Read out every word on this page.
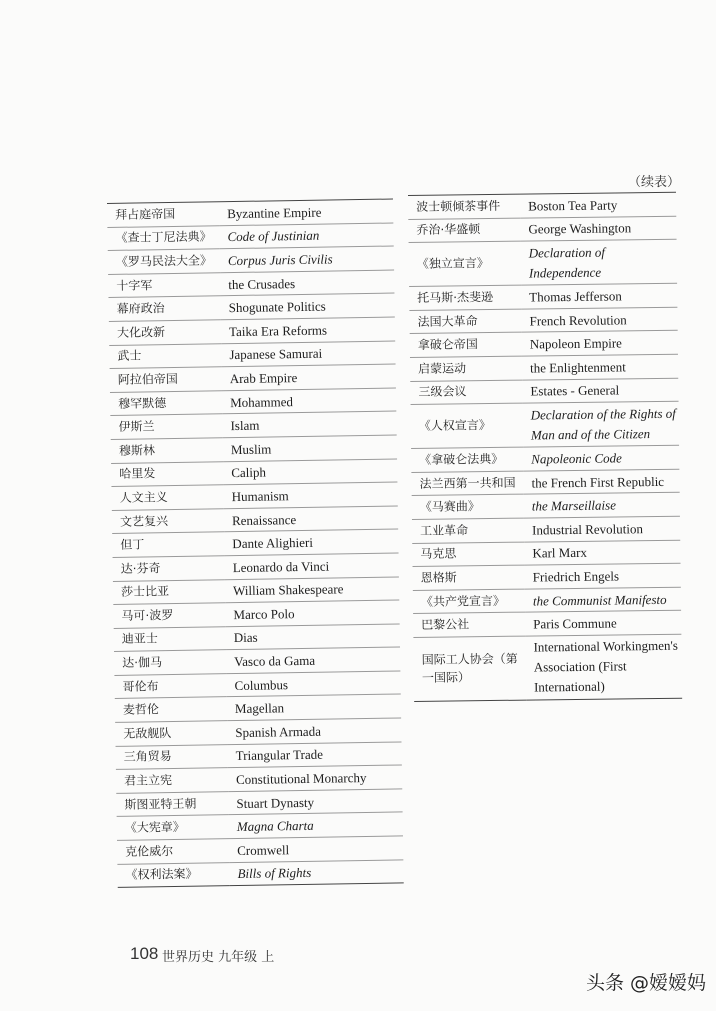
（续表）
拜占庭帝国	Byzantine Empire
《查士丁尼法典》	Code of Justinian
《罗马民法大全》	Corpus Juris Civilis
十字军	the Crusades
幕府政治	Shogunate Politics
大化改新	Taika Era Reforms
武士	Japanese Samurai
阿拉伯帝国	Arab Empire
穆罕默德	Mohammed
伊斯兰	Islam
穆斯林	Muslim
哈里发	Caliph
人文主义	Humanism
文艺复兴	Renaissance
但丁	Dante Alighieri
达·芬奇	Leonardo da Vinci
莎士比亚	William Shakespeare
马可·波罗	Marco Polo
迪亚士	Dias
达·伽马	Vasco da Gama
哥伦布	Columbus
麦哲伦	Magellan
无敌舰队	Spanish Armada
三角贸易	Triangular Trade
君主立宪	Constitutional Monarchy
斯图亚特王朝	Stuart Dynasty
《大宪章》	Magna Charta
克伦威尔	Cromwell
《权利法案》	Bills of Rights
波士顿倾茶事件	Boston Tea Party
乔治·华盛顿	George Washington
《独立宣言》	Declaration of Independence
托马斯·杰斐逊	Thomas Jefferson
法国大革命	French Revolution
拿破仑帝国	Napoleon Empire
启蒙运动	the Enlightenment
三级会议	Estates - General
《人权宣言》	Declaration of the Rights of Man and of the Citizen
《拿破仑法典》	Napoleonic Code
法兰西第一共和国	the French First Republic
《马赛曲》	the Marseillaise
工业革命	Industrial Revolution
马克思	Karl Marx
恩格斯	Friedrich Engels
《共产党宣言》	the Communist Manifesto
巴黎公社	Paris Commune
国际工人协会（第一国际）	International Workingmen's Association (First International)
108 世界历史 九年级 上
头条 @嫒嫒妈
